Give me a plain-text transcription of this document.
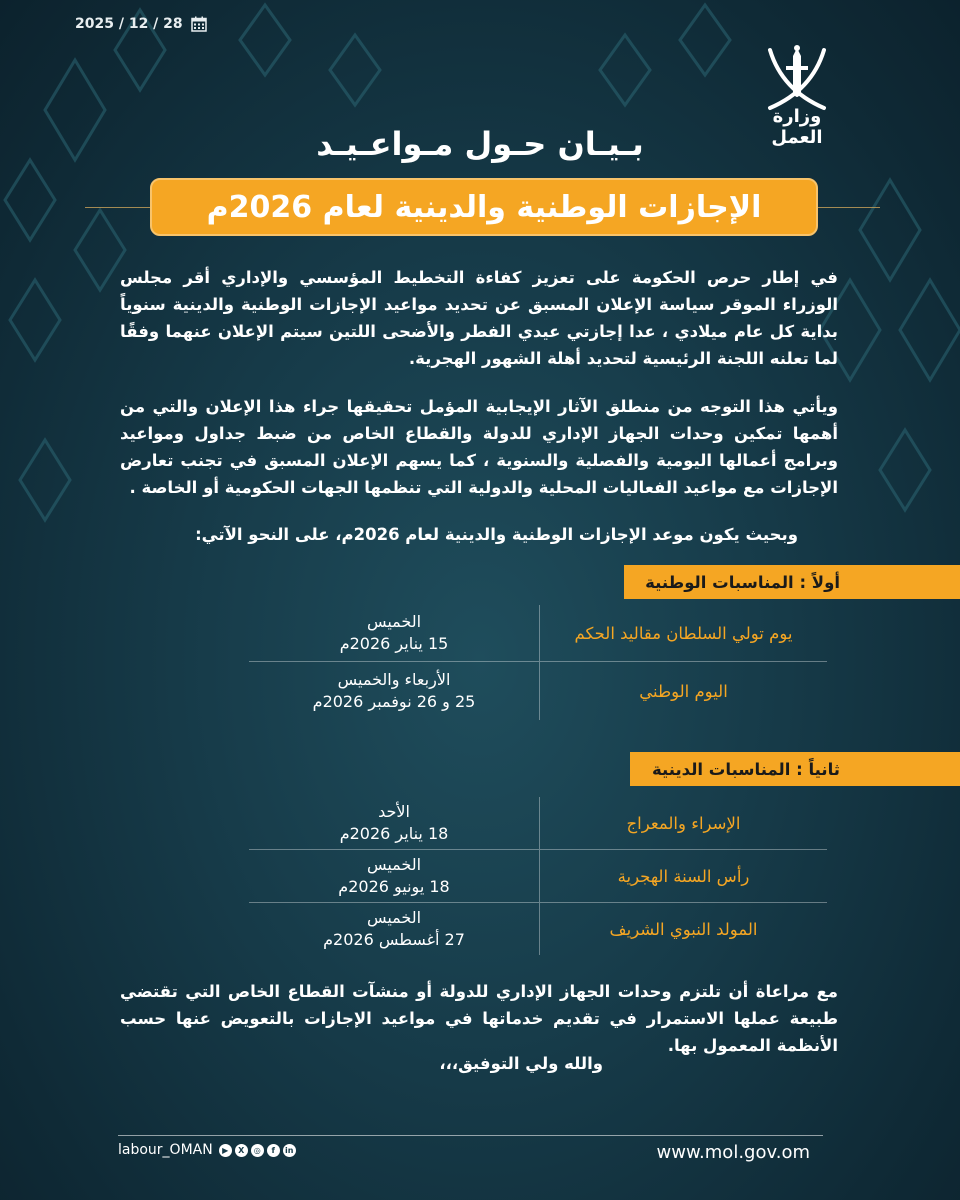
2025 / 12 / 28
وزارة العمل
بـيـان حـول مـواعـيـد
الإجازات الوطنية والدينية لعام 2026م
في إطار حرص الحكومة على تعزيز كفاءة التخطيط المؤسسي والإداري أقر مجلس الوزراء الموقر سياسة الإعلان المسبق عن تحديد مواعيد الإجازات الوطنية والدينية سنوياً بداية كل عام ميلادي ، عدا إجازتي عيدي الفطر والأضحى اللتين سيتم الإعلان عنهما وفقًا لما تعلنه اللجنة الرئيسية لتحديد أهلة الشهور الهجرية.
ويأتي هذا التوجه من منطلق الآثار الإيجابية المؤمل تحقيقها جراء هذا الإعلان والتي من أهمها تمكين وحدات الجهاز الإداري للدولة والقطاع الخاص من ضبط جداول ومواعيد وبرامج أعمالها اليومية والفصلية والسنوية ، كما يسهم الإعلان المسبق في تجنب تعارض الإجازات مع مواعيد الفعاليات المحلية والدولية التي تنظمها الجهات الحكومية أو الخاصة .
وبحيث يكون موعد الإجازات الوطنية والدينية لعام 2026م، على النحو الآتي:
أولاً : المناسبات الوطنية
يوم تولي السلطان مقاليد الحكم
الخميس
15 يناير 2026م
اليوم الوطني
الأربعاء والخميس
25 و 26 نوفمبر 2026م
ثانياً : المناسبات الدينية
الإسراء والمعراج
الأحد
18 يناير 2026م
رأس السنة الهجرية
الخميس
18 يونيو 2026م
المولد النبوي الشريف
الخميس
27 أغسطس 2026م
مع مراعاة أن تلتزم وحدات الجهاز الإداري للدولة أو منشآت القطاع الخاص التي تقتضي طبيعة عملها الاستمرار في تقديم خدماتها في مواعيد الإجازات بالتعويض عنها حسب الأنظمة المعمول بها.
والله ولي التوفيق،،،
labour_OMAN	▶	X	◎	f	in	www.mol.gov.om
